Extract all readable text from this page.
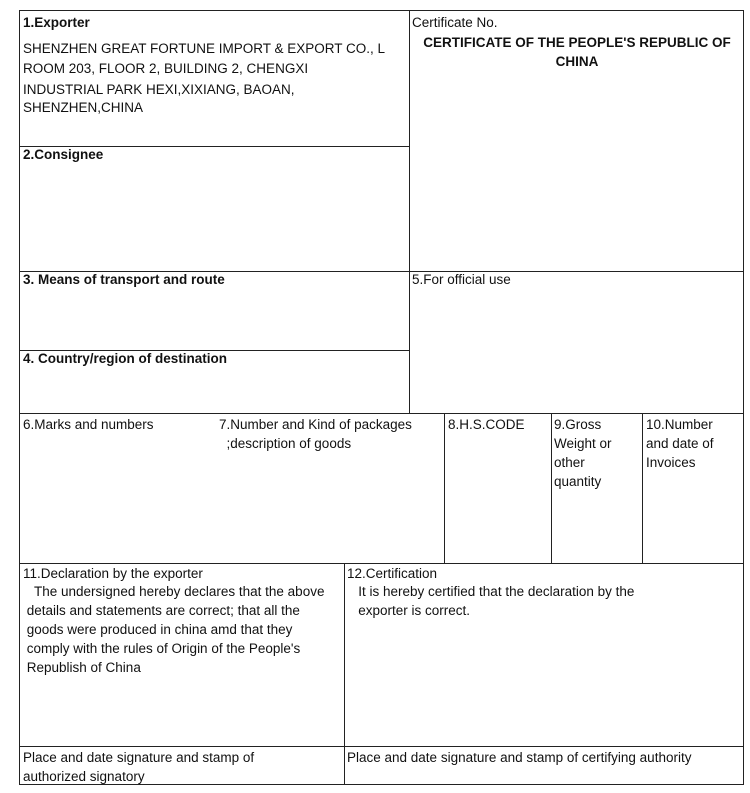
1.Exporter
SHENZHEN GREAT FORTUNE IMPORT & EXPORT CO., L
ROOM 203, FLOOR 2, BUILDING 2, CHENGXI
INDUSTRIAL PARK HEXI,XIXIANG, BAOAN,
SHENZHEN,CHINA
Certificate No.
CERTIFICATE OF THE PEOPLE'S REPUBLIC OF CHINA
2.Consignee
3. Means of transport and route
4. Country/region of destination
5.For official use
6.Marks and numbers	7.Number and Kind of packages
;description of goods
8.H.S.CODE 9.Gross
Weight or
other
quantity
10.Number
and date of
Invoices
11.Declaration by the exporter
The undersigned hereby declares that the above
details and statements are correct; that all the
goods were produced in china amd that they
comply with the rules of Origin of the People's
Republish of China
Place and date signature and stamp of
authorized signatory
12.Certification
It is hereby certified that the declaration by the
exporter is correct.
Place and date signature and stamp of certifying authority
